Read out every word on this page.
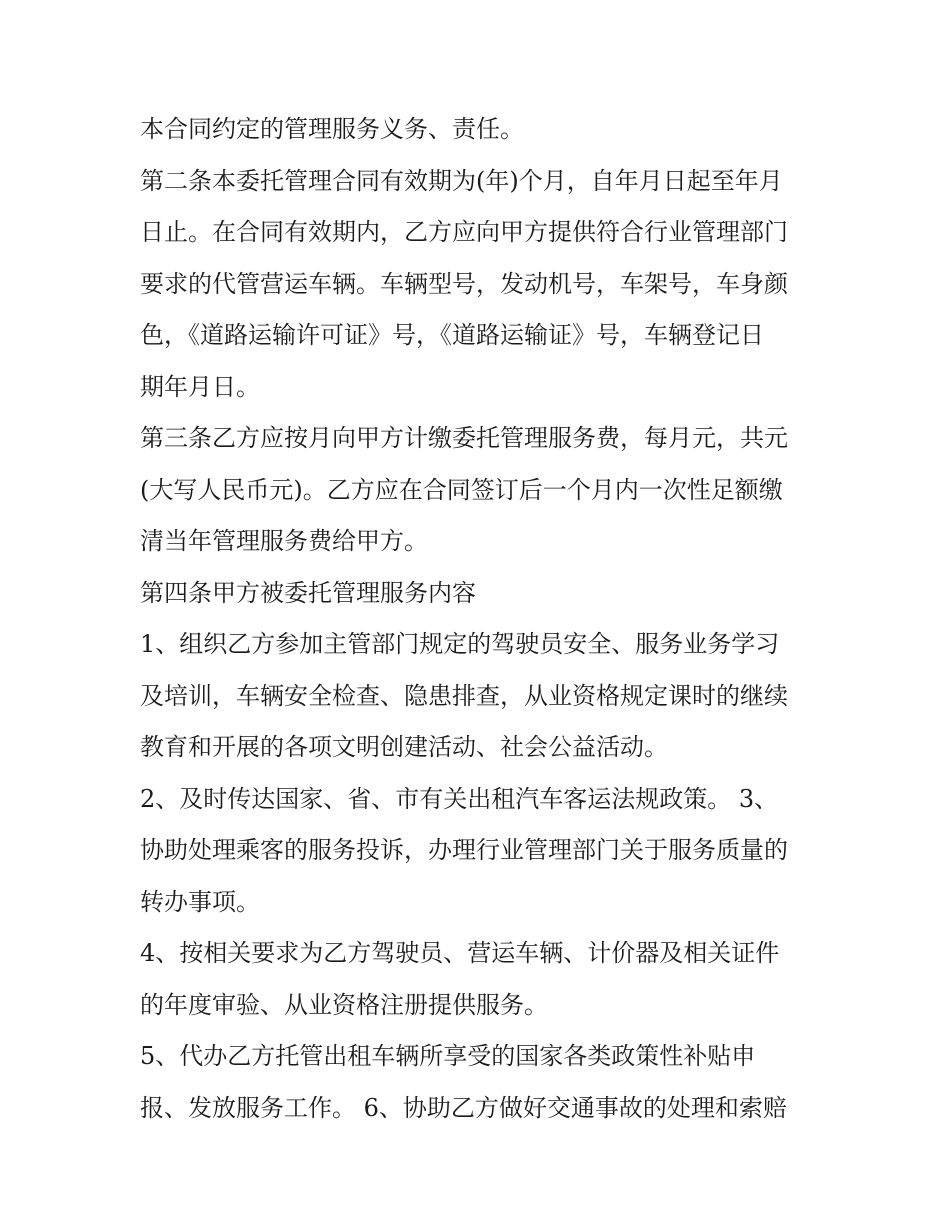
本合同约定的管理服务义务、责任。
第二条本委托管理合同有效期为(年)个月，自年月日起至年月
日止。在合同有效期内，乙方应向甲方提供符合行业管理部门
要求的代管营运车辆。车辆型号，发动机号，车架号，车身颜
色，《道路运输许可证》号，《道路运输证》号，车辆登记日
期年月日。
第三条乙方应按月向甲方计缴委托管理服务费，每月元，共元
(大写人民币元)。乙方应在合同签订后一个月内一次性足额缴
清当年管理服务费给甲方。
第四条甲方被委托管理服务内容
1、组织乙方参加主管部门规定的驾驶员安全、服务业务学习
及培训，车辆安全检查、隐患排查，从业资格规定课时的继续
教育和开展的各项文明创建活动、社会公益活动。
2、及时传达国家、省、市有关出租汽车客运法规政策。 3、
协助处理乘客的服务投诉，办理行业管理部门关于服务质量的
转办事项。
4、按相关要求为乙方驾驶员、营运车辆、计价器及相关证件
的年度审验、从业资格注册提供服务。
5、代办乙方托管出租车辆所享受的国家各类政策性补贴申
报、发放服务工作。 6、协助乙方做好交通事故的处理和索赔
